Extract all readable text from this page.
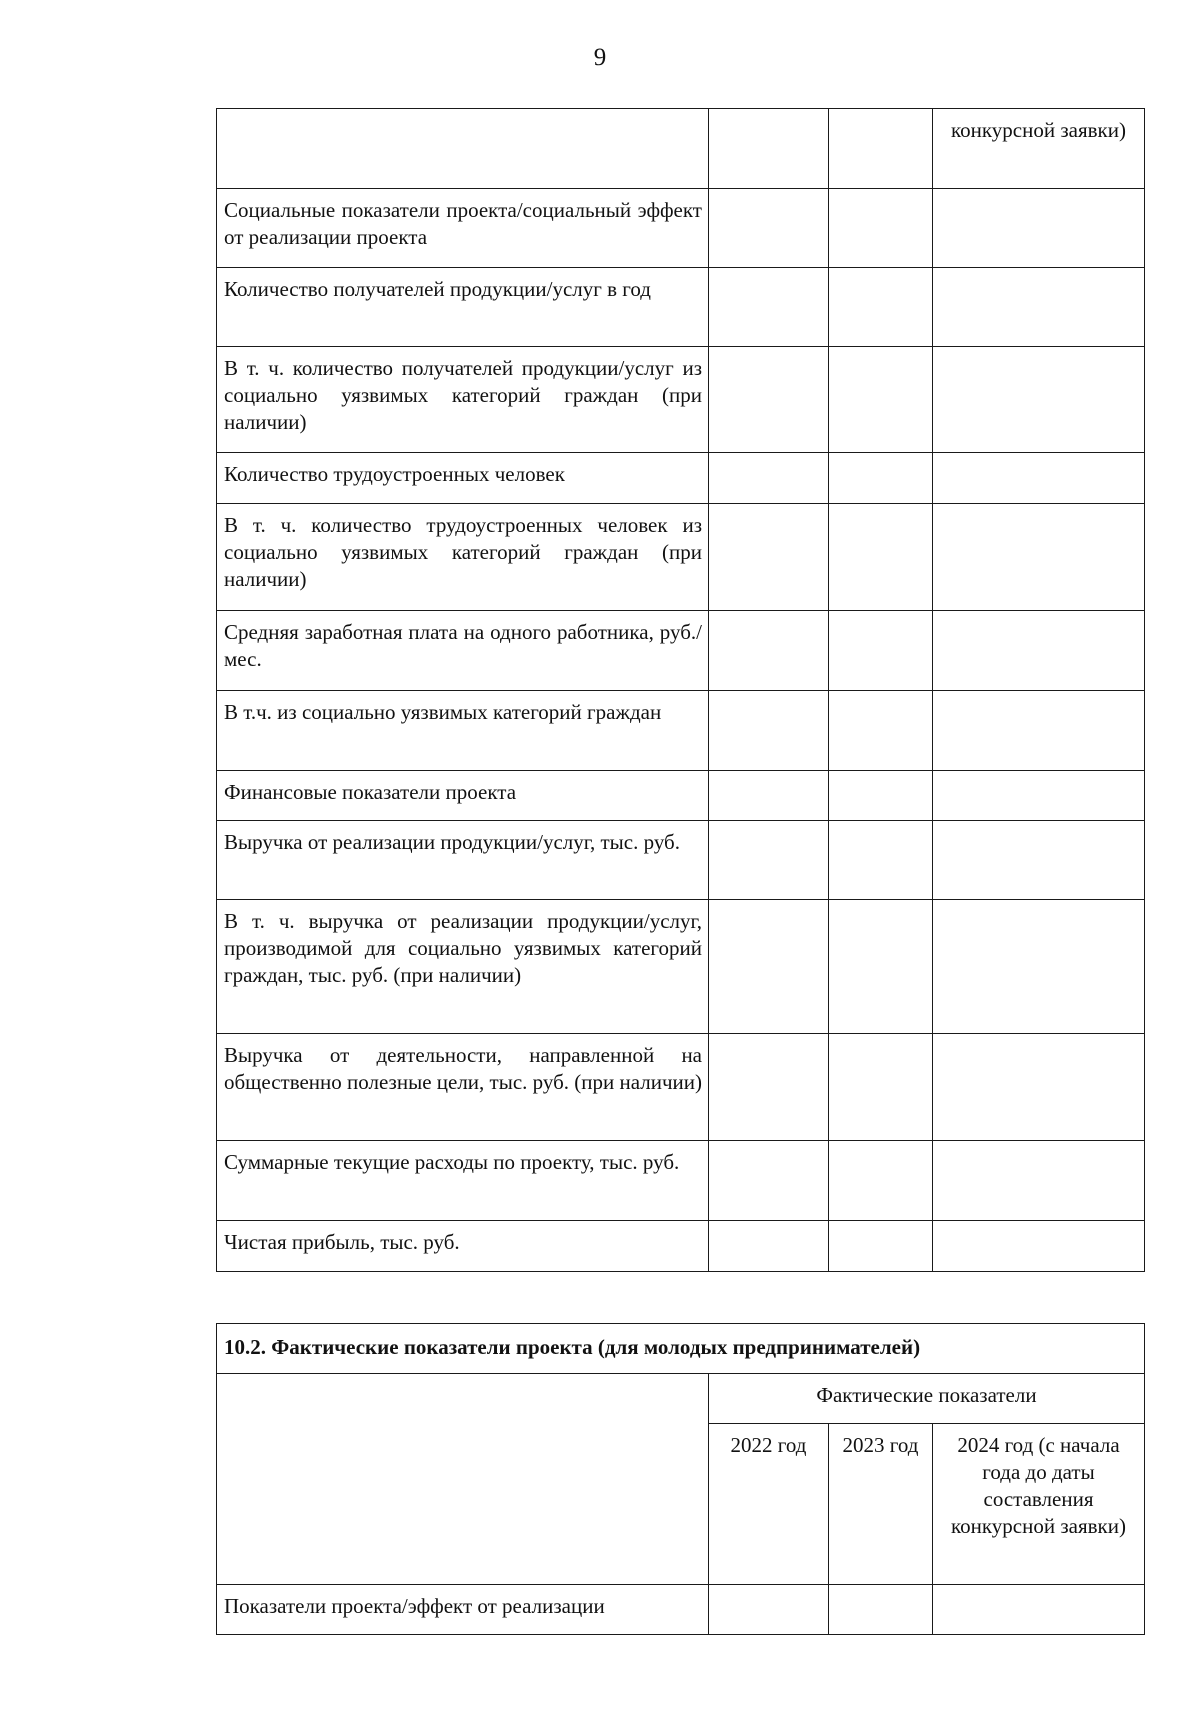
9
			конкурсной заявки)
Социальные показатели проекта/социальный эффект от реализации проекта			
Количество получателей продукции/услуг в год			
В т. ч. количество получателей продукции/услуг из социально уязвимых категорий граждан (при наличии)			
Количество трудоустроенных человек			
В т. ч. количество трудоустроенных человек из социально уязвимых категорий граждан (при наличии)			
Средняя заработная плата на одного работника, руб./мес.			
В т.ч. из социально уязвимых категорий граждан			
Финансовые показатели проекта			
Выручка от реализации продукции/услуг, тыс. руб.			
В т. ч. выручка от реализации продукции/услуг, производимой для социально уязвимых категорий граждан, тыс. руб. (при наличии)			
Выручка от деятельности, направленной на общественно полезные цели, тыс. руб. (при наличии)			
Суммарные текущие расходы по проекту, тыс. руб.			
Чистая прибыль, тыс. руб.			
10.2. Фактические показатели проекта (для молодых предпринимателей)			
	Фактические показатели		
	2022 год	2023 год	2024 год (с начала года до даты составления конкурсной заявки)
Показатели проекта/эффект от реализации			
